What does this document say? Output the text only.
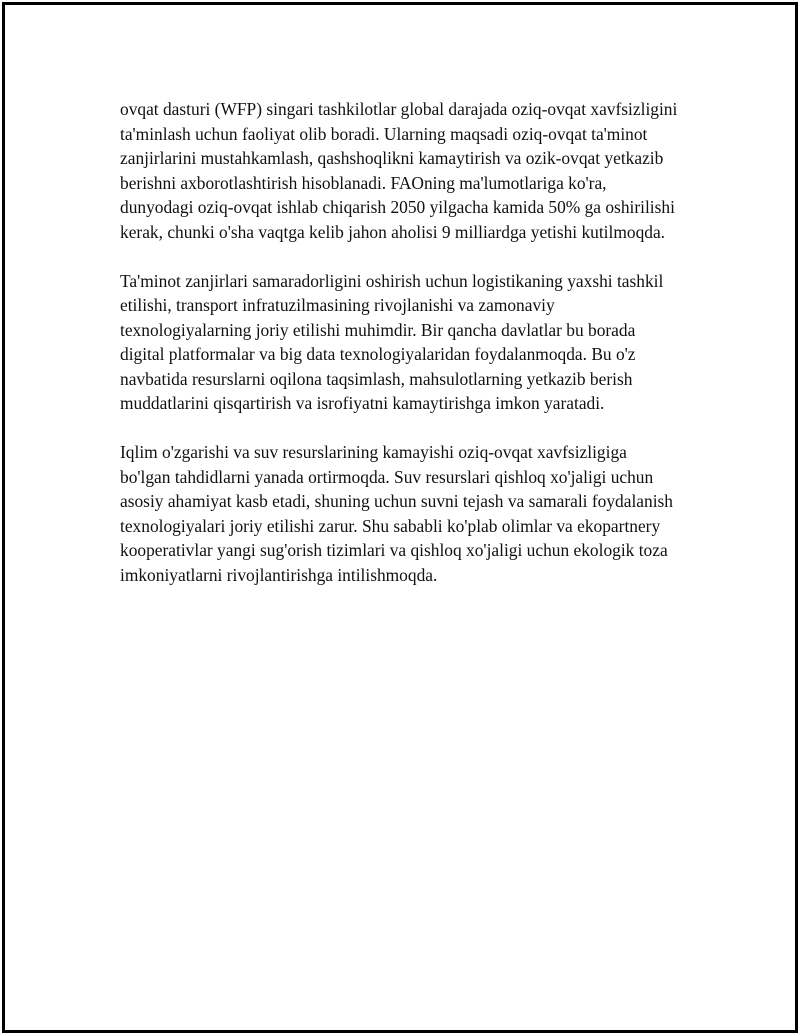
ovqat dasturi (WFP) singari tashkilotlar global darajada oziq-ovqat xavfsizligini ta'minlash uchun faoliyat olib boradi. Ularning maqsadi oziq-ovqat ta'minot zanjirlarini mustahkamlash, qashshoqlikni kamaytirish va ozik-ovqat yetkazib berishni axborotlashtirish hisoblanadi. FAOning ma'lumotlariga ko'ra, dunyodagi oziq-ovqat ishlab chiqarish 2050 yilgacha kamida 50% ga oshirilishi kerak, chunki o'sha vaqtga kelib jahon aholisi 9 milliardga yetishi kutilmoqda.

Ta'minot zanjirlari samaradorligini oshirish uchun logistikaning yaxshi tashkil etilishi, transport infratuzilmasining rivojlanishi va zamonaviy texnologiyalarning joriy etilishi muhimdir. Bir qancha davlatlar bu borada digital platformalar va big data texnologiyalaridan foydalanmoqda. Bu o'z navbatida resurslarni oqilona taqsimlash, mahsulotlarning yetkazib berish muddatlarini qisqartirish va isrofiyatni kamaytirishga imkon yaratadi.

Iqlim o'zgarishi va suv resurslarining kamayishi oziq-ovqat xavfsizligiga bo'lgan tahdidlarni yanada ortirmoqda. Suv resurslari qishloq xo'jaligi uchun asosiy ahamiyat kasb etadi, shuning uchun suvni tejash va samarali foydalanish texnologiyalari joriy etilishi zarur. Shu sababli ko'plab olimlar va ekopartnery kooperativlar yangi sug'orish tizimlari va qishloq xo'jaligi uchun ekologik toza imkoniyatlarni rivojlantirishga intilishmoqda.
